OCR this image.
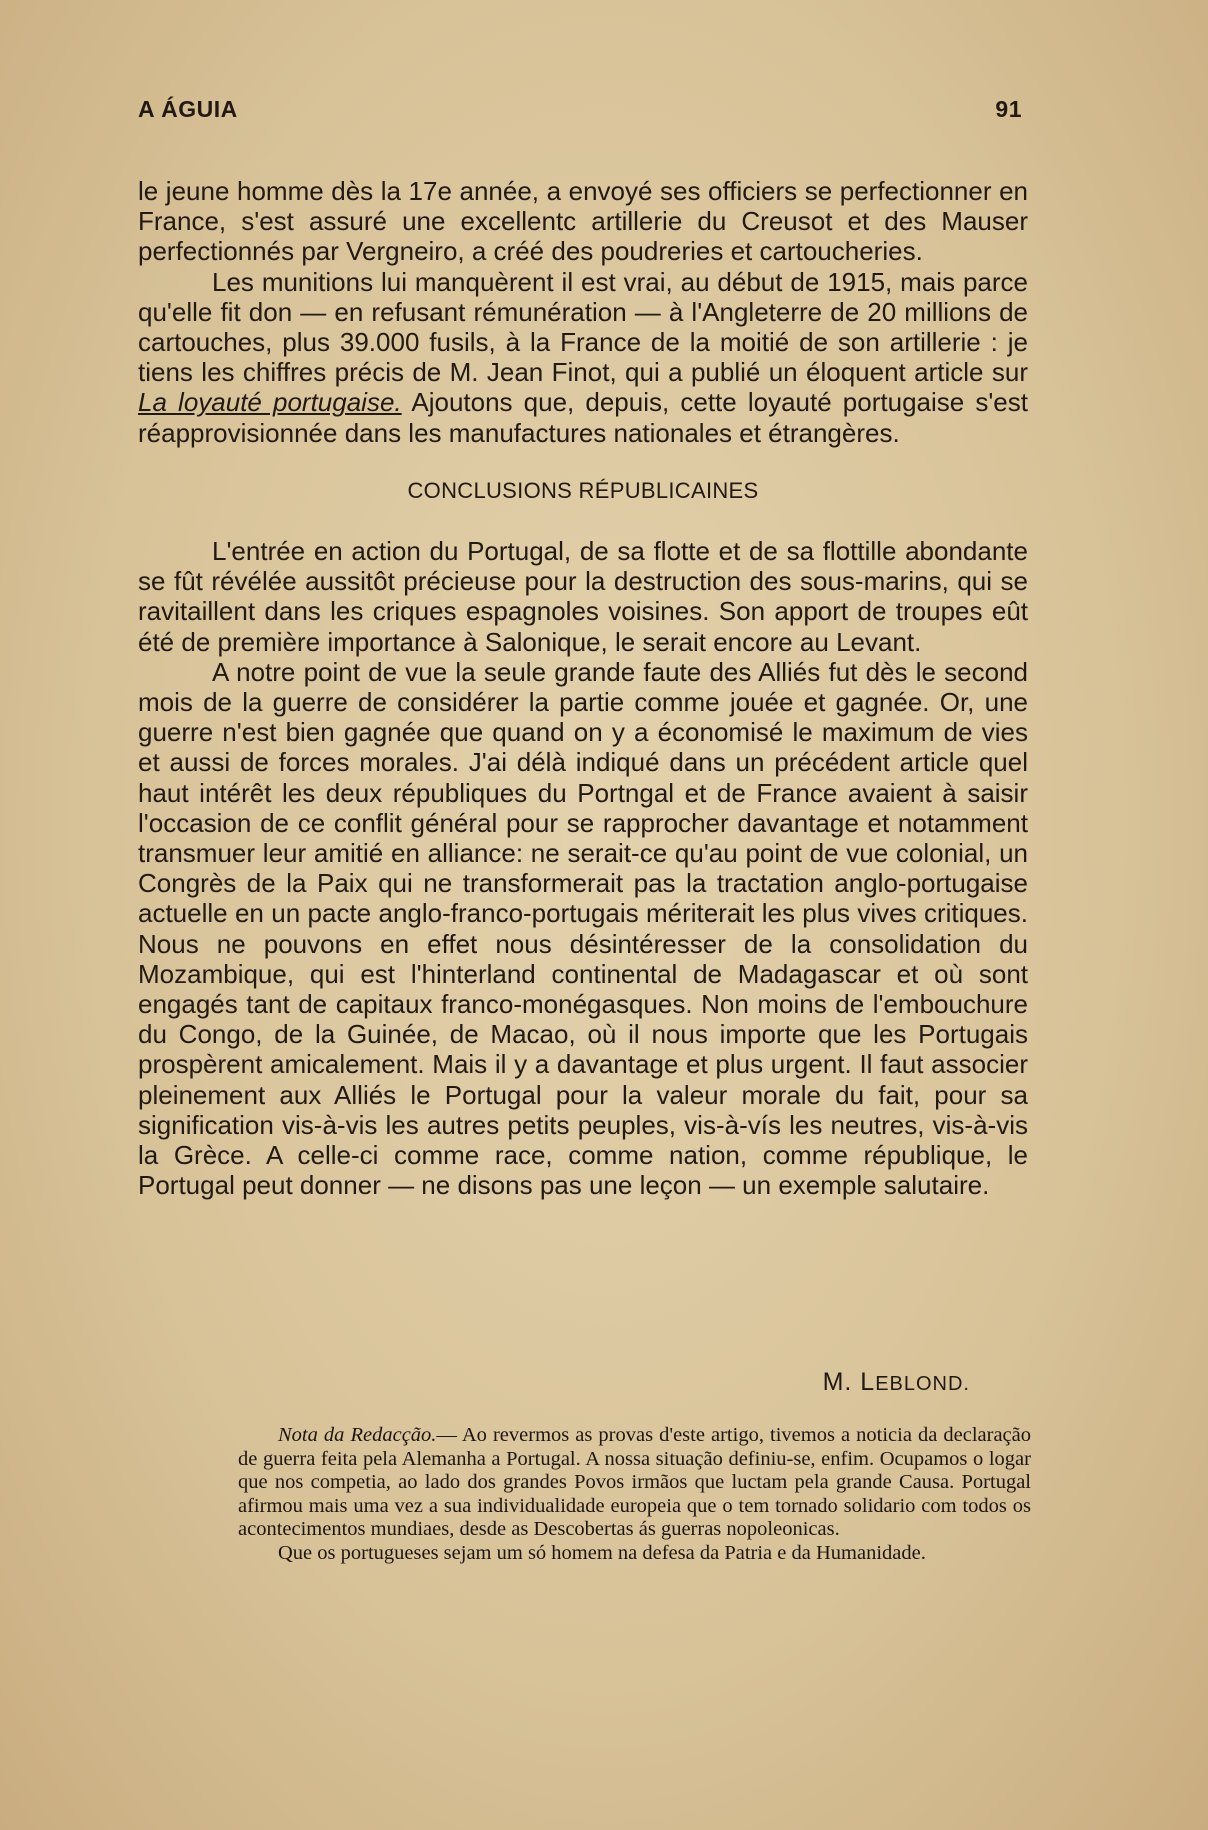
A ÁGUIA	91

le jeune homme dès la 17e année, a envoyé ses officiers se perfectionner en France, s'est assuré une excellentc artillerie du Creusot et des Mauser perfectionnés par Vergneiro, a créé des poudreries et cartoucheries.

Les munitions lui manquèrent il est vrai, au début de 1915, mais parce qu'elle fit don — en refusant rémunération — à l'Angleterre de 20 millions de cartouches, plus 39.000 fusils, à la France de la moitié de son artillerie : je tiens les chiffres précis de M. Jean Finot, qui a publié un éloquent article sur La loyauté portugaise. Ajoutons que, depuis, cette loyauté portugaise s'est réapprovisionnée dans les manufactures nationales et étrangères.

CONCLUSIONS RÉPUBLICAINES

L'entrée en action du Portugal, de sa flotte et de sa flottille abondante se fût révélée aussitôt précieuse pour la destruction des sous-marins, qui se ravitaillent dans les criques espagnoles voisines. Son apport de troupes eût été de première importance à Salonique, le serait encore au Levant.

A notre point de vue la seule grande faute des Alliés fut dès le second mois de la guerre de considérer la partie comme jouée et gagnée. Or, une guerre n'est bien gagnée que quand on y a économisé le maximum de vies et aussi de forces morales. J'ai délà indiqué dans un précédent article quel haut intérêt les deux républiques du Portngal et de France avaient à saisir l'occasion de ce conflit général pour se rapprocher davantage et notamment transmuer leur amitié en alliance: ne serait-ce qu'au point de vue colonial, un Congrès de la Paix qui ne transformerait pas la tractation anglo-portugaise actuelle en un pacte anglo-franco-portugais mériterait les plus vives critiques. Nous ne pouvons en effet nous désintéresser de la consolidation du Mozambique, qui est l'hinterland continental de Madagascar et où sont engagés tant de capitaux franco-monégasques. Non moins de l'embouchure du Congo, de la Guinée, de Macao, où il nous importe que les Portugais prospèrent amicalement. Mais il y a davantage et plus urgent. Il faut associer pleinement aux Alliés le Portugal pour la valeur morale du fait, pour sa signification vis-à-vis les autres petits peuples, vis-à-vís les neutres, vis-à-vis la Grèce. A celle-ci comme race, comme nation, comme république, le Portugal peut donner — ne disons pas une leçon — un exemple salutaire.

M. LEBLOND.

Nota da Redacção.— Ao revermos as provas d'este artigo, tivemos a noticia da declaração de guerra feita pela Alemanha a Portugal. A nossa situação definiu-se, enfim. Ocupamos o logar que nos competia, ao lado dos grandes Povos irmãos que luctam pela grande Causa. Portugal afirmou mais uma vez a sua individualidade europeia que o tem tornado solidario com todos os acontecimentos mundiaes, desde as Descobertas ás guerras nopoleonicas.

Que os portugueses sejam um só homem na defesa da Patria e da Humanidade.
